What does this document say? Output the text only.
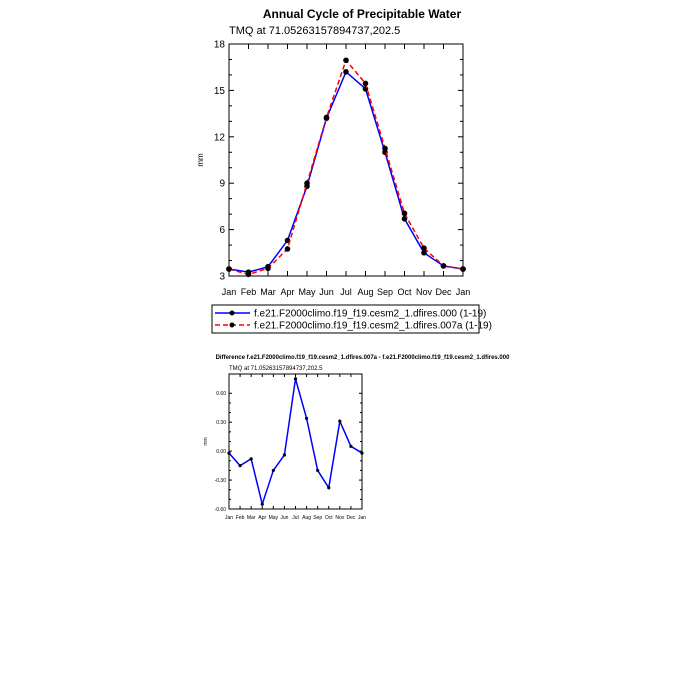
Annual Cycle of Precipitable Water
TMQ at 71.05263157894737,202.5
3
6
9
12
15
18
Jan Feb Mar Apr May Jun Jul Aug Sep Oct Nov Dec Jan
mm
f.e21.F2000climo.f19_f19.cesm2_1.dfires.000 (1-19)
f.e21.F2000climo.f19_f19.cesm2_1.dfires.007a (1-19)
Difference f.e21.F2000climo.f19_f19.cesm2_1.dfires.007a - f.e21.F2000climo.f19_f19.cesm2_1.dfires.000
TMQ at 71.05263157894737,202.5
-0.60
-0.30
0.00
0.30
0.60
Jan Feb Mar Apr May Jun Jul Aug Sep Oct Nov Dec Jan
mm
